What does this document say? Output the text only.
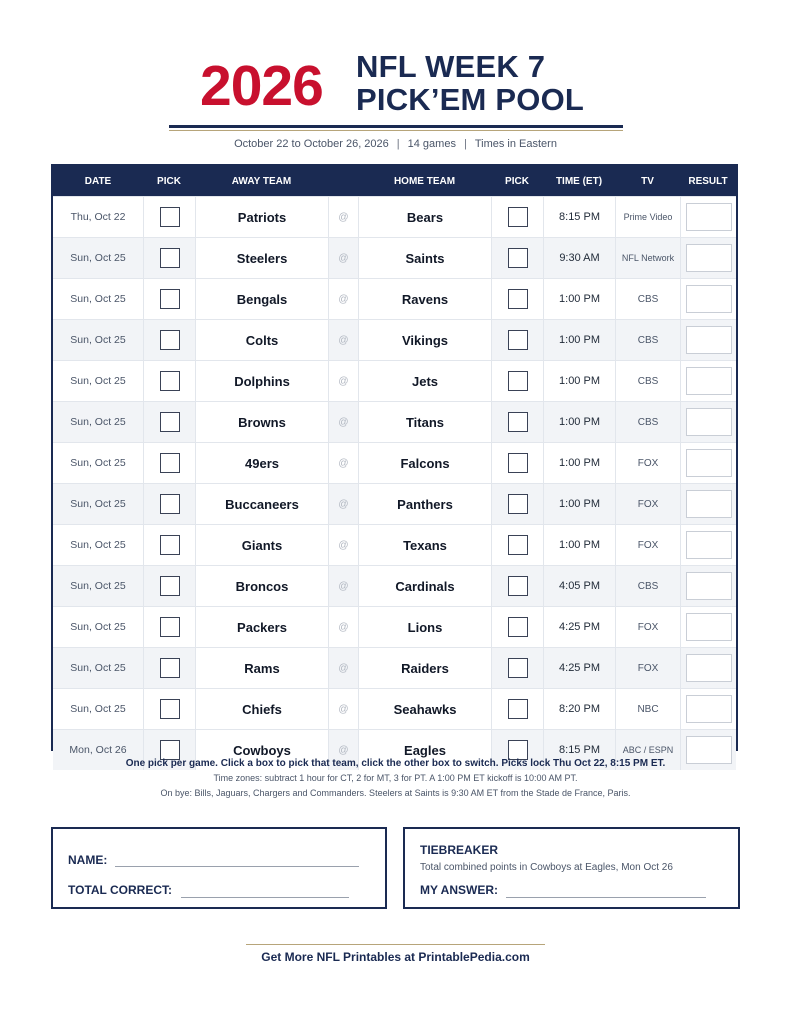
2026 NFL WEEK 7
PICK’EM POOL
October 22 to October 26, 2026 | 14 games | Times in Eastern
DATE	PICK	AWAY TEAM	HOME TEAM	PICK	TIME (ET)	TV	RESULT
Thu, Oct 22	Patriots	@	Bears	8:15 PM	Prime Video
Sun, Oct 25	Steelers	@	Saints	9:30 AM	NFL Network
Sun, Oct 25	Bengals	@	Ravens	1:00 PM	CBS
Sun, Oct 25	Colts	@	Vikings	1:00 PM	CBS
Sun, Oct 25	Dolphins	@	Jets	1:00 PM	CBS
Sun, Oct 25	Browns	@	Titans	1:00 PM	CBS
Sun, Oct 25	49ers	@	Falcons	1:00 PM	FOX
Sun, Oct 25	Buccaneers	@	Panthers	1:00 PM	FOX
Sun, Oct 25	Giants	@	Texans	1:00 PM	FOX
Sun, Oct 25	Broncos	@	Cardinals	4:05 PM	CBS
Sun, Oct 25	Packers	@	Lions	4:25 PM	FOX
Sun, Oct 25	Rams	@	Raiders	4:25 PM	FOX
Sun, Oct 25	Chiefs	@	Seahawks	8:20 PM	NBC
Mon, Oct 26	Cowboys	@	Eagles	8:15 PM	ABC / ESPN
One pick per game. Click a box to pick that team, click the other box to switch. Picks lock Thu Oct 22, 8:15 PM ET.
Time zones: subtract 1 hour for CT, 2 for MT, 3 for PT. A 1:00 PM ET kickoff is 10:00 AM PT.
On bye: Bills, Jaguars, Chargers and Commanders. Steelers at Saints is 9:30 AM ET from the Stade de France, Paris.
NAME:
TOTAL CORRECT:
TIEBREAKER
Total combined points in Cowboys at Eagles, Mon Oct 26
MY ANSWER:
Get More NFL Printables at PrintablePedia.com
